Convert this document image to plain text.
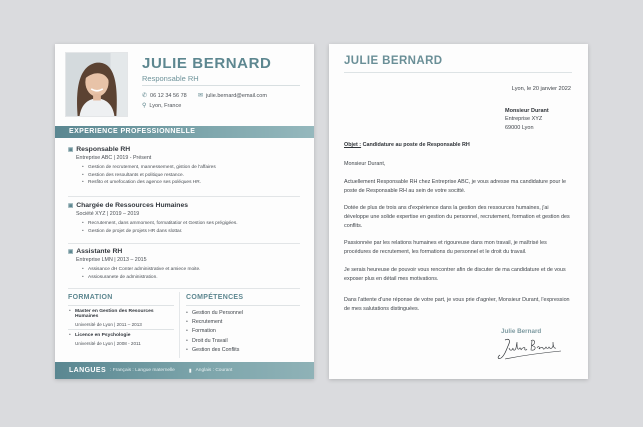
JULIE BERNARD
Responsable RH
✆ 06 12 34 56 78 ✉ julie.bernard@email.com
⚲ Lyon, France
EXPERIENCE PROFESSIONNELLE
▣ Responsable RH
Entreprise ABC | 2019 - Présent
• Gestion de recrutement, mannessement, gistion de l'affaires
• Gestion des resoultants et politique restance.
• Resfito et umefocation des agence ses poléques HR.
▣ Chargée de Ressources Humaines
Société XYZ | 2019 – 2019
• Recrutement, dans ammoment, formatitatior et Gestion ses prégigées.
• Gestion de projet de projets HR dans slottar.
▣ Assistante RH
Entreprise LMN | 2013 – 2015
• Assisance dH Conter administrative et amiece moite.
• Assiosuranete de administration.
FORMATION
• Master en Gestion des Resources Humaines
Université de Lyon | 2011 – 2013
• Licence en Psychologie
Université de Lyon | 2008 - 2011
COMPÉTENCES
• Gestion du Personnel
• Recrutement
• Formation
• Droit du Travail
• Gestion des Conflits
LANGUES : Français : Langue maternelle	▮ Anglais : Courant
JULIE BERNARD
Lyon, le 20 janvier 2022
Monsieur Durant
Entreprise XYZ
69000 Lyon
Objet : Candidature au poste de Responsable RH
Monsieur Durant,
Actuellement Responsable RH chez Entreprise ABC, je vous adresse ma candidature pour le poste de Responsable RH au sein de votre socitté.
Dotée de plus de trois ans d'expérience dans la gestion des ressources humaines, j'ai développe une solide expertise en gestion du personnel, recrutement, formation et gestion des conflits.
Passionnée par les relations humaines et rigoureuse dans mon travail, je maîtrisé les procédures de recrutement, les formations du personnel et le droit du travail.
Je serais heureuse de pouvoir vous rencontrer afin de discuter de ma candidature et de vous exposer plus en détail mes motivations.
Dans l'attente d'une réponse de votre part, je vous prie d'agréer, Monsieur Durant, l'expression de mes salutations distinguées.
Julie Bernard
